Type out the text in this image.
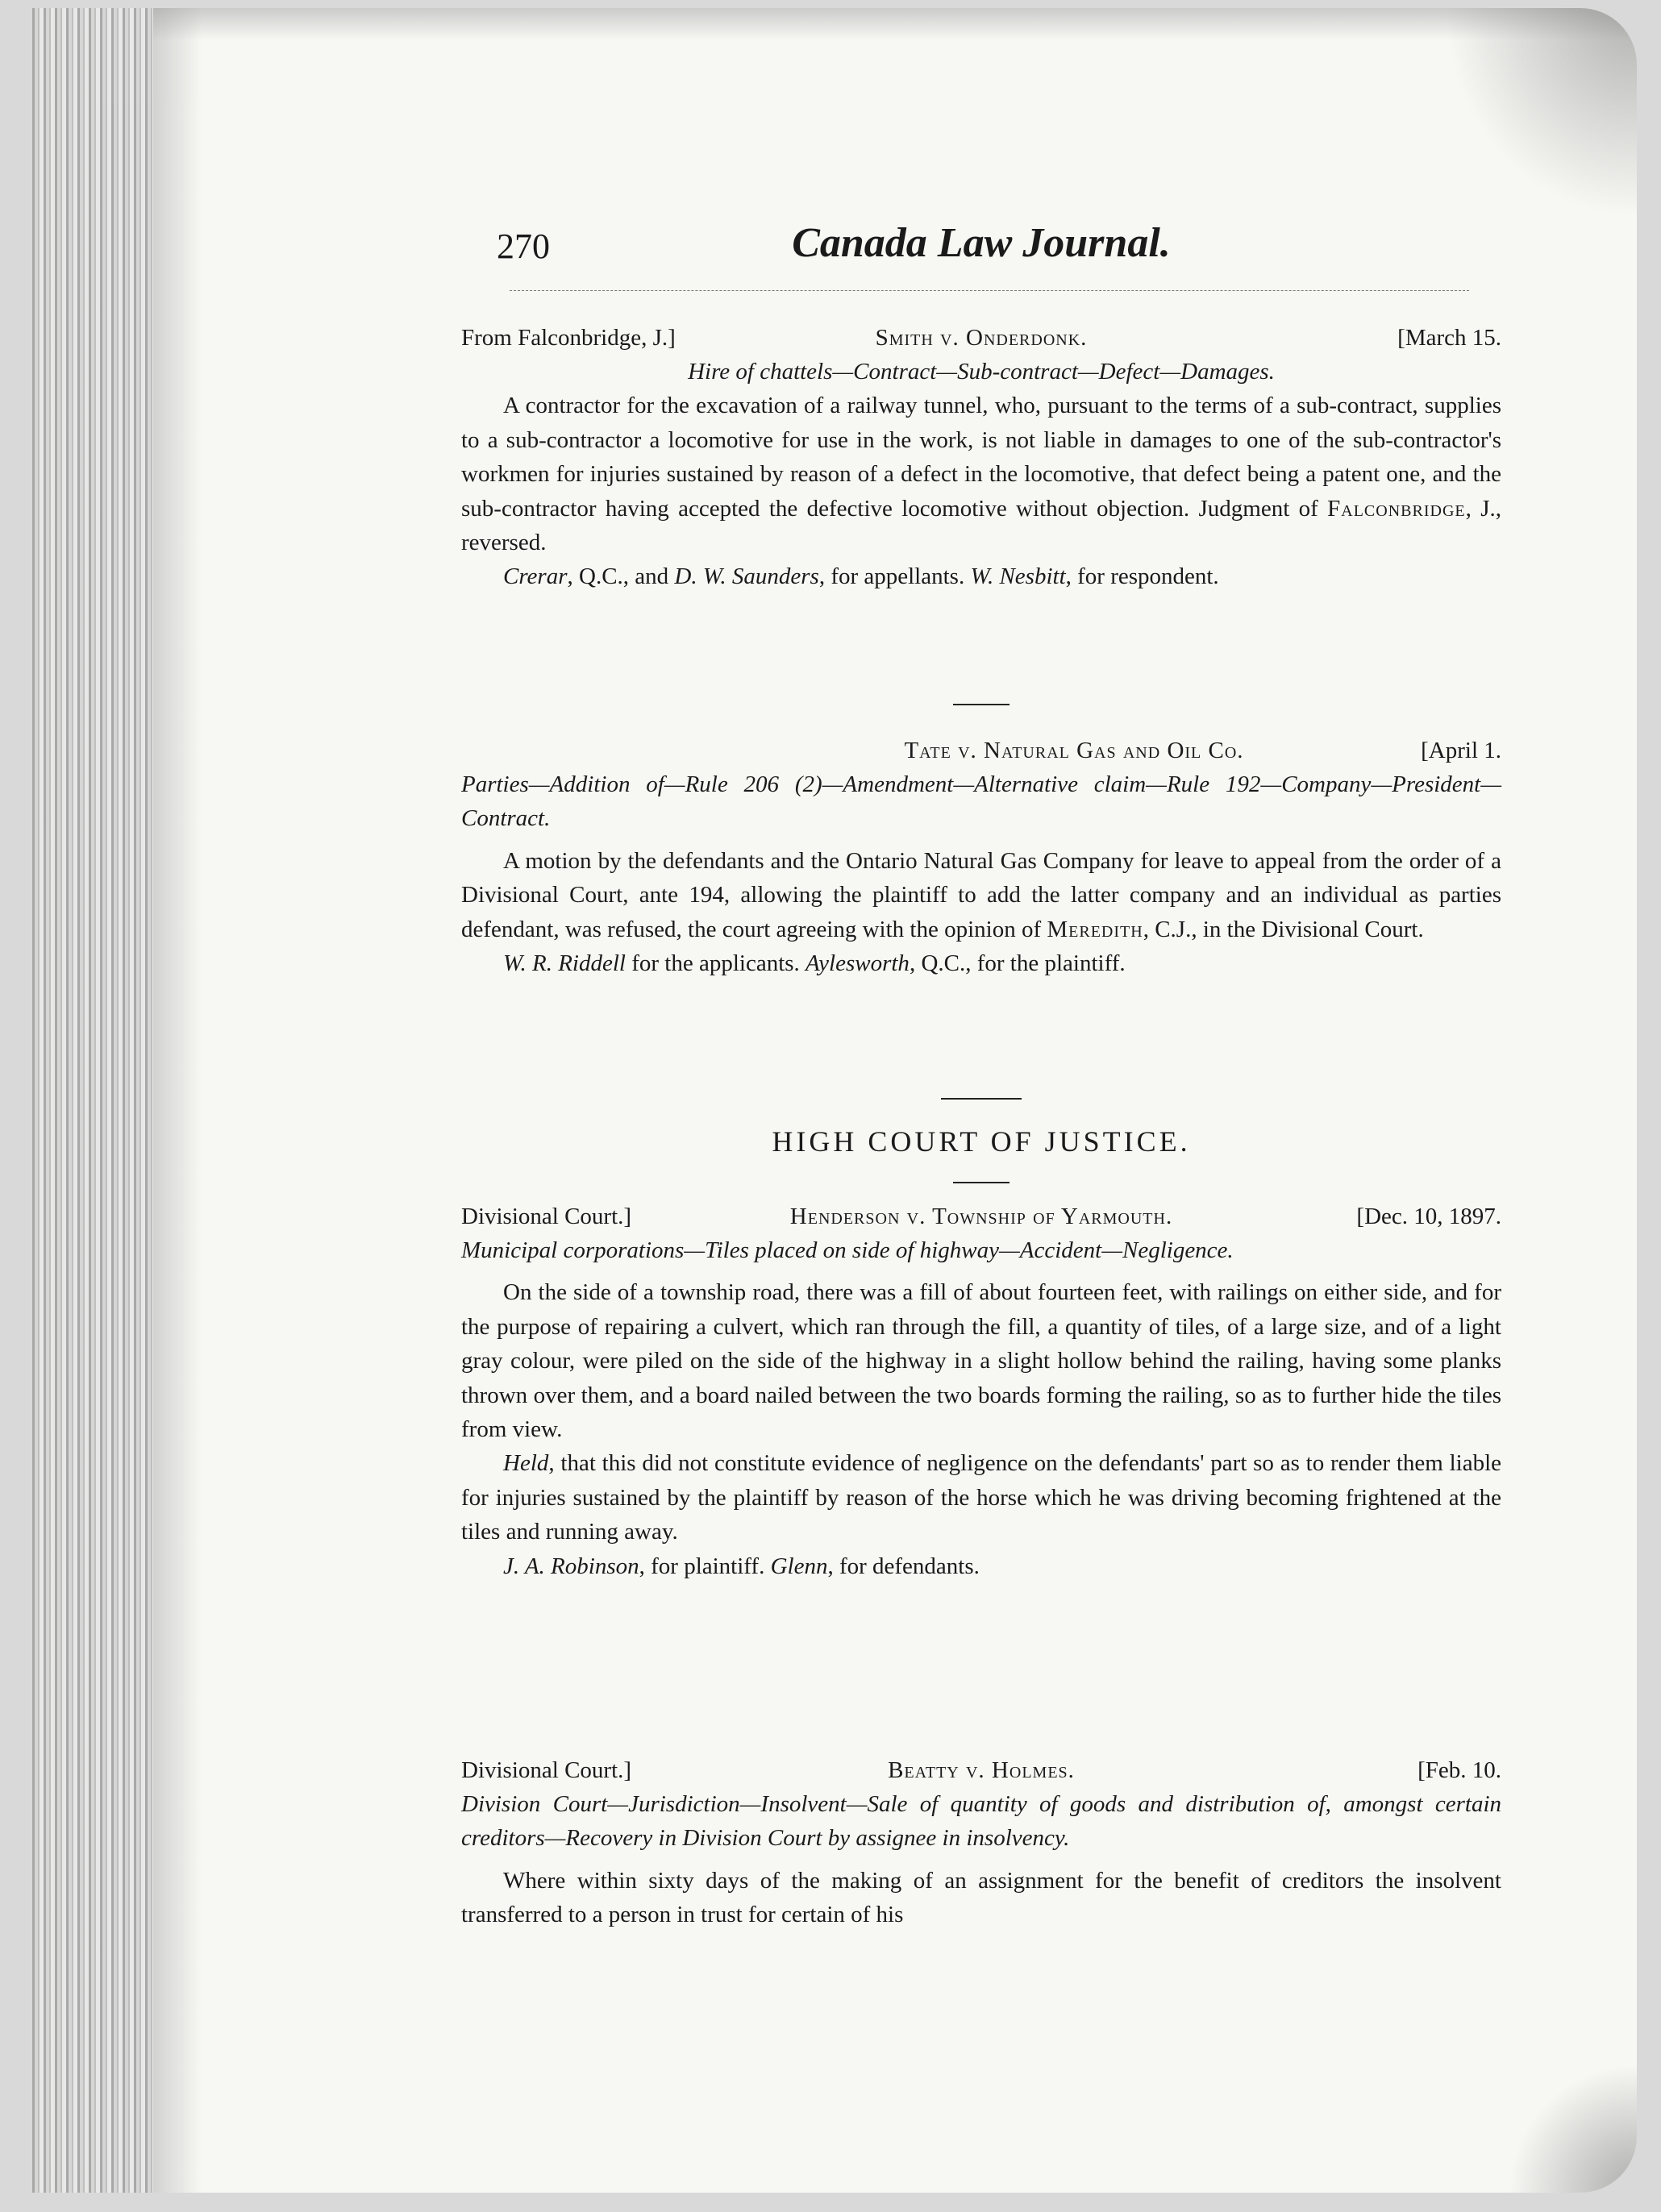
270	Canada Law Journal.
From Falconbridge, J.]	Smith v. Onderdonk.	[March 15.
Hire of chattels—Contract—Sub-contract—Defect—Damages.

A contractor for the excavation of a railway tunnel, who, pursuant to the terms of a sub-contract, supplies to a sub-contractor a locomotive for use in the work, is not liable in damages to one of the sub-contractor's workmen for injuries sustained by reason of a defect in the locomotive, that defect being a patent one, and the sub-contractor having accepted the defective locomotive without objection. Judgment of Falconbridge, J., reversed.

Crerar, Q.C., and D. W. Saunders, for appellants. W. Nesbitt, for respondent.

Tate v. Natural Gas and Oil Co.	[April 1.
Parties—Addition of—Rule 206 (2)—Amendment—Alternative claim—Rule 192—Company—President—Contract.

A motion by the defendants and the Ontario Natural Gas Company for leave to appeal from the order of a Divisional Court, ante 194, allowing the plaintiff to add the latter company and an individual as parties defendant, was refused, the court agreeing with the opinion of Meredith, C.J., in the Divisional Court.

W. R. Riddell for the applicants. Aylesworth, Q.C., for the plaintiff.

HIGH COURT OF JUSTICE.
Divisional Court.]	Henderson v. Township of Yarmouth.	[Dec. 10, 1897.
Municipal corporations—Tiles placed on side of highway—Accident—Negligence.

On the side of a township road, there was a fill of about fourteen feet, with railings on either side, and for the purpose of repairing a culvert, which ran through the fill, a quantity of tiles, of a large size, and of a light gray colour, were piled on the side of the highway in a slight hollow behind the railing, having some planks thrown over them, and a board nailed between the two boards forming the railing, so as to further hide the tiles from view.

Held, that this did not constitute evidence of negligence on the defendants' part so as to render them liable for injuries sustained by the plaintiff by reason of the horse which he was driving becoming frightened at the tiles and running away.

J. A. Robinson, for plaintiff. Glenn, for defendants.

Divisional Court.]	Beatty v. Holmes.	[Feb. 10.
Division Court—Jurisdiction—Insolvent—Sale of quantity of goods and distribution of, amongst certain creditors—Recovery in Division Court by assignee in insolvency.

Where within sixty days of the making of an assignment for the benefit of creditors the insolvent transferred to a person in trust for certain of his
